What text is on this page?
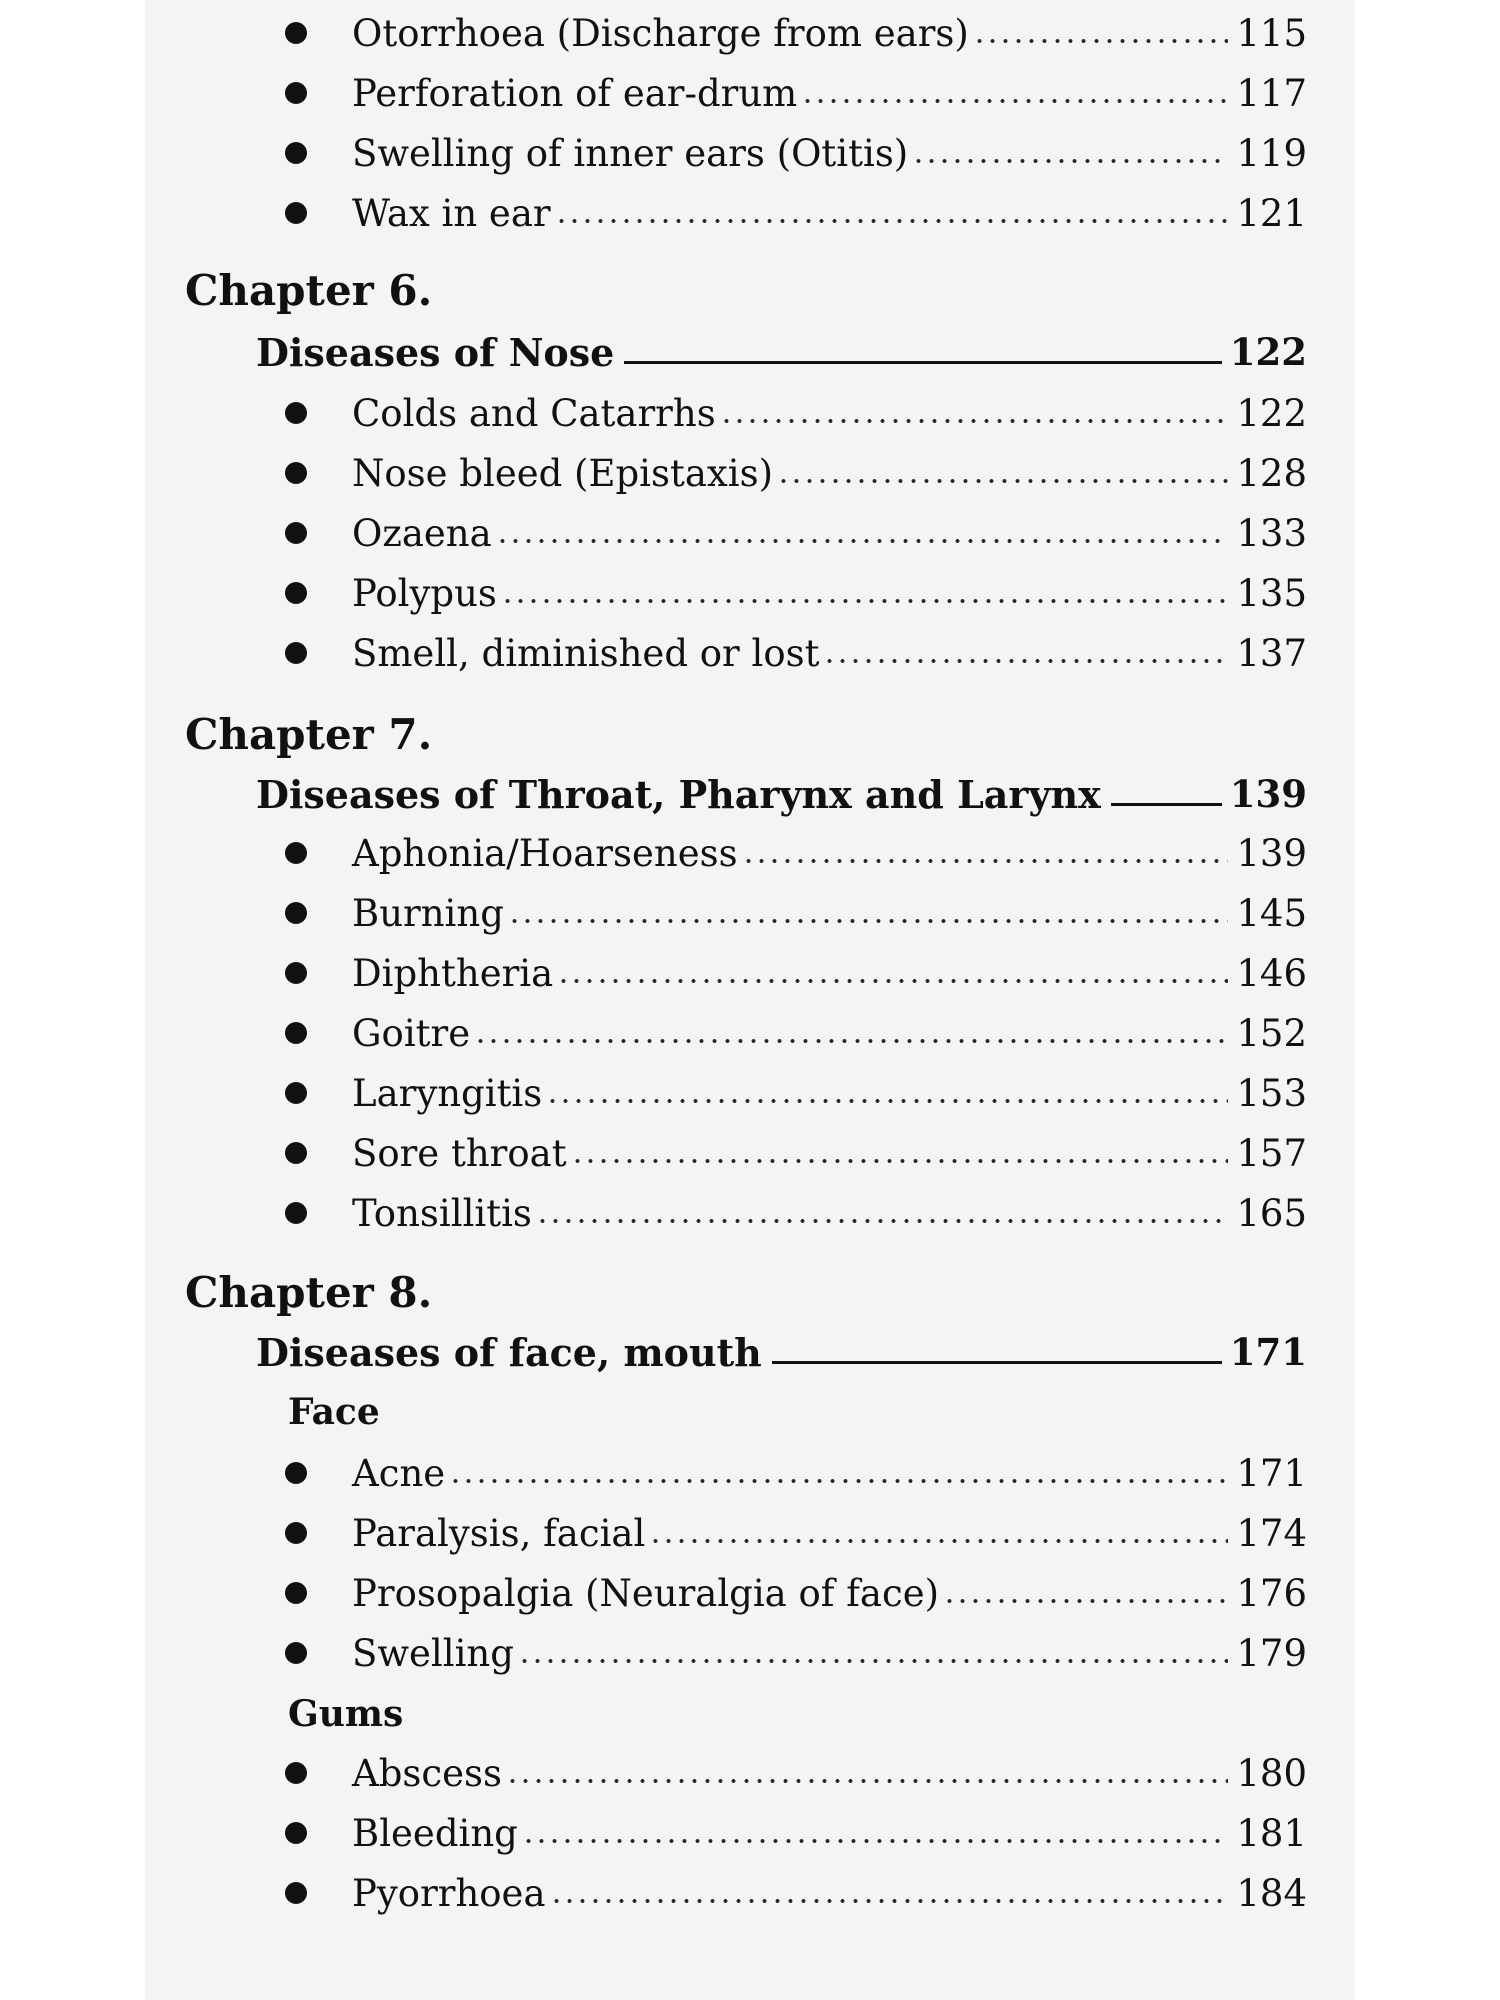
Otorrhoea (Discharge from ears)	115
Perforation of ear-drum	117
Swelling of inner ears (Otitis)	119
Wax in ear	121
Chapter 6.
Diseases of Nose	122
Colds and Catarrhs	122
Nose bleed (Epistaxis)	128
Ozaena	133
Polypus	135
Smell, diminished or lost	137
Chapter 7.
Diseases of Throat, Pharynx and Larynx	139
Aphonia/Hoarseness	139
Burning	145
Diphtheria	146
Goitre	152
Laryngitis	153
Sore throat	157
Tonsillitis	165
Chapter 8.
Diseases of face, mouth	171
Face
Acne	171
Paralysis, facial	174
Prosopalgia (Neuralgia of face)	176
Swelling	179
Gums
Abscess	180
Bleeding	181
Pyorrhoea	184
